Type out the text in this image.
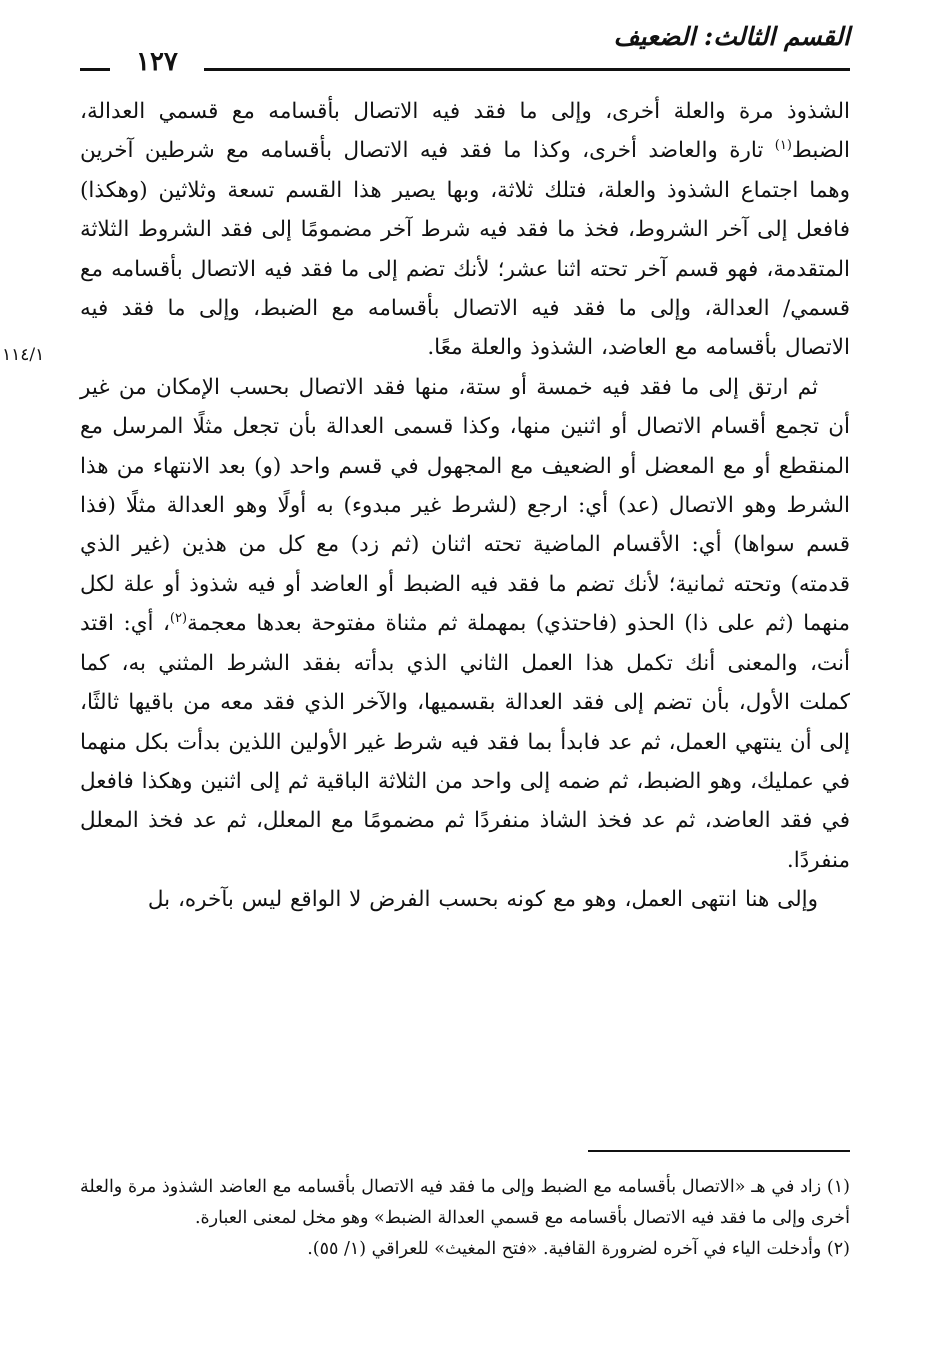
القسم الثالث: الضعيف
١٢٧
١١٤/١

الشذوذ مرة والعلة أخرى، وإلى ما فقد فيه الاتصال بأقسامه مع قسمي العدالة، الضبط$^{(١)}$ تارة والعاضد أخرى، وكذا ما فقد فيه الاتصال بأقسامه مع شرطين آخرين وهما اجتماع الشذوذ والعلة، فتلك ثلاثة، وبها يصير هذا القسم تسعة وثلاثين (وهكذا) فافعل إلى آخر الشروط، فخذ ما فقد فيه شرط آخر مضمومًا إلى فقد الشروط الثلاثة المتقدمة، فهو قسم آخر تحته اثنا عشر؛ لأنك تضم إلى ما فقد فيه الاتصال بأقسامه مع قسمي/ العدالة، وإلى ما فقد فيه الاتصال بأقسامه مع الضبط، وإلى ما فقد فيه الاتصال بأقسامه مع العاضد، الشذوذ والعلة معًا.

ثم ارتق إلى ما فقد فيه خمسة أو ستة، منها فقد الاتصال بحسب الإمكان من غير أن تجمع أقسام الاتصال أو اثنين منها، وكذا قسمى العدالة بأن تجعل مثلًا المرسل مع المنقطع أو مع المعضل أو الضعيف مع المجهول في قسم واحد (و) بعد الانتهاء من هذا الشرط وهو الاتصال (عد) أي: ارجع (لشرط غير مبدوء) به أولًا وهو العدالة مثلًا (فذا قسم سواها) أي: الأقسام الماضية تحته اثنان (ثم زد) مع كل من هذين (غير الذي قدمته) وتحته ثمانية؛ لأنك تضم ما فقد فيه الضبط أو العاضد أو فيه شذوذ أو علة لكل منهما (ثم على ذا) الحذو (فاحتذي) بمهملة ثم مثناة مفتوحة بعدها معجمة$^{(٢)}$، أي: اقتد أنت، والمعنى أنك تكمل هذا العمل الثاني الذي بدأته بفقد الشرط المثني به، كما كملت الأول، بأن تضم إلى فقد العدالة بقسميها، والآخر الذي فقد معه من باقيها ثالثًا، إلى أن ينتهي العمل، ثم عد فابدأ بما فقد فيه شرط غير الأولين اللذين بدأت بكل منهما في عمليك، وهو الضبط، ثم ضمه إلى واحد من الثلاثة الباقية ثم إلى اثنين وهكذا فافعل في فقد العاضد، ثم عد فخذ الشاذ منفردًا ثم مضمومًا مع المعلل، ثم عد فخذ المعلل منفردًا.

وإلى هنا انتهى العمل، وهو مع كونه بحسب الفرض لا الواقع ليس بآخره، بل

(١) زاد في هـ «الاتصال بأقسامه مع الضبط وإلى ما فقد فيه الاتصال بأقسامه مع العاضد الشذوذ مرة والعلة أخرى وإلى ما فقد فيه الاتصال بأقسامه مع قسمي العدالة الضبط» وهو مخل لمعنى العبارة.

(٢) وأدخلت الياء في آخره لضرورة القافية. «فتح المغيث» للعراقي (١/ ٥٥).
